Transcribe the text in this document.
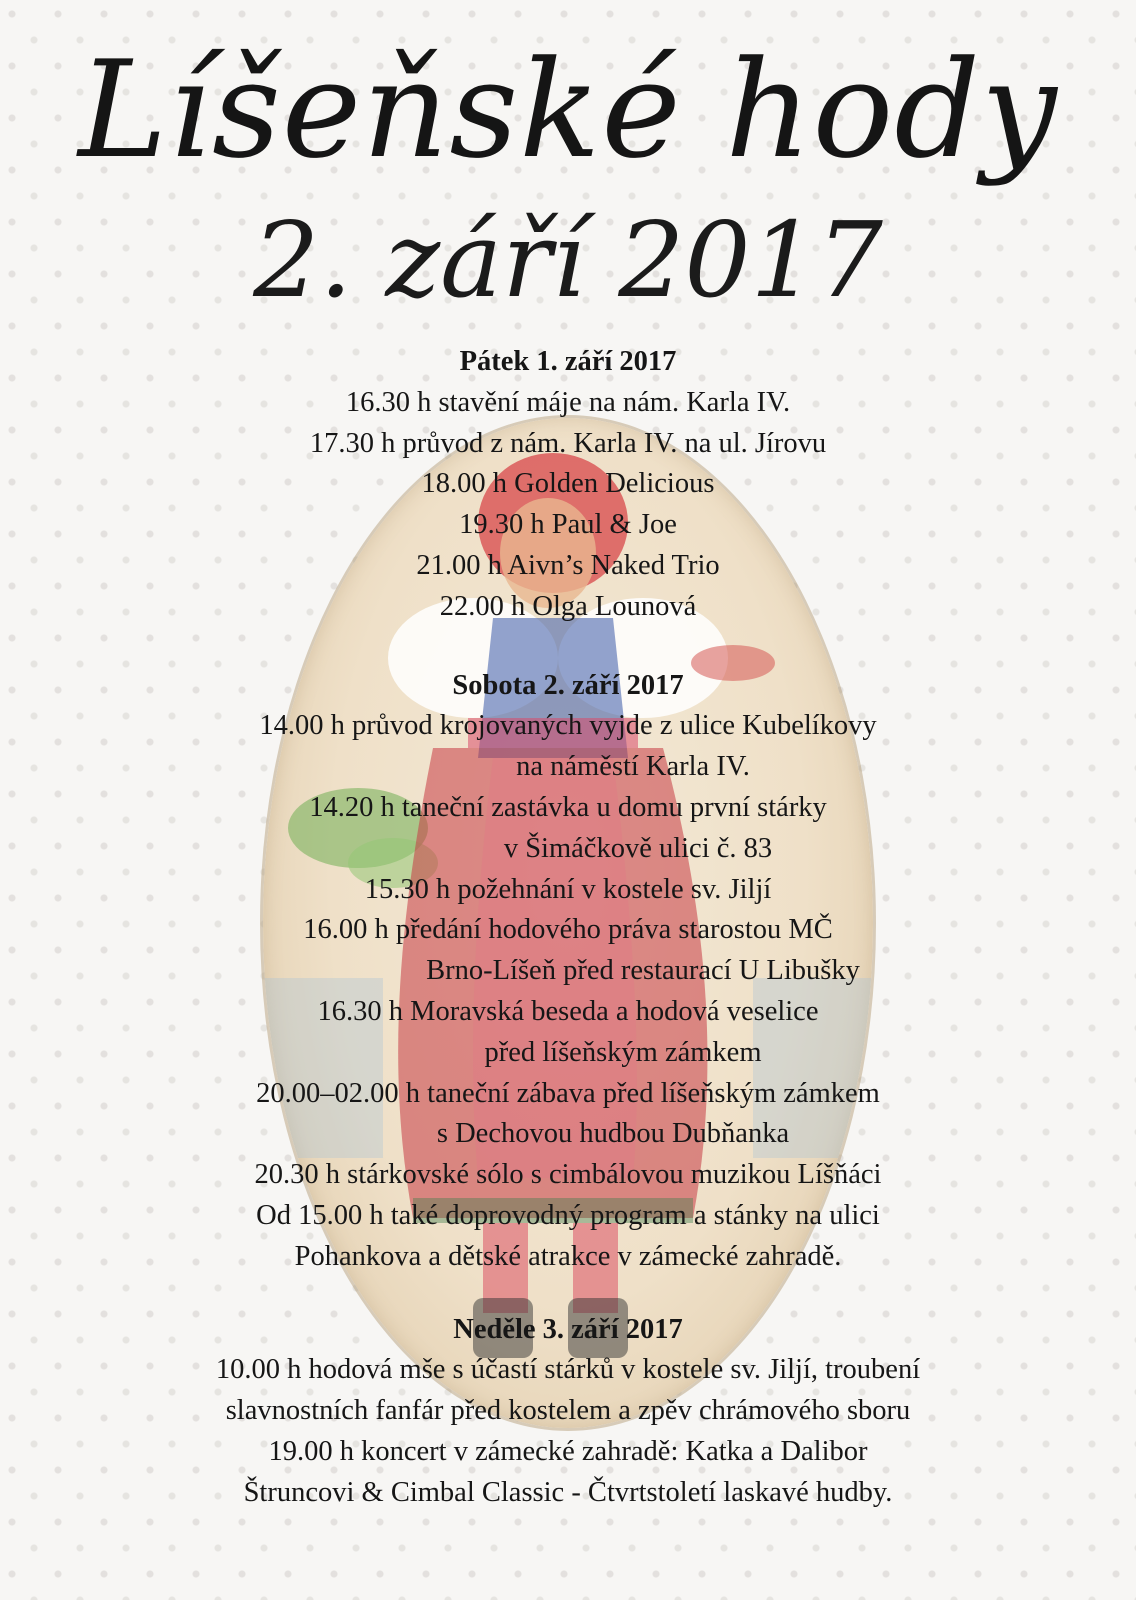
Líšeňské hody
2. září 2017
Pátek 1. září 2017
16.30 h stavění máje na nám. Karla IV.
17.30 h průvod z nám. Karla IV. na ul. Jírovu
18.00 h Golden Delicious
19.30 h Paul & Joe
21.00 h Aivn’s Naked Trio
22.00 h Olga Lounová
Sobota 2. září 2017
14.00 h průvod krojovaných vyjde z ulice Kubelíkovy
na náměstí Karla IV.
14.20 h taneční zastávka u domu první stárky
v Šimáčkově ulici č. 83
15.30 h požehnání v kostele sv. Jiljí
16.00 h předání hodového práva starostou MČ
Brno-Líšeň před restaurací U Libušky
16.30 h Moravská beseda a hodová veselice
před líšeňským zámkem
20.00–02.00 h taneční zábava před líšeňským zámkem
s Dechovou hudbou Dubňanka
20.30 h stárkovské sólo s cimbálovou muzikou Líšňáci
Od 15.00 h také doprovodný program a stánky na ulici
Pohankova a dětské atrakce v zámecké zahradě.
Neděle 3. září 2017
10.00 h hodová mše s účastí stárků v kostele sv. Jiljí, troubení
slavnostních fanfár před kostelem a zpěv chrámového sboru
19.00 h koncert v zámecké zahradě: Katka a Dalibor
Štruncovi & Cimbal Classic - Čtvrtstoletí laskavé hudby.
